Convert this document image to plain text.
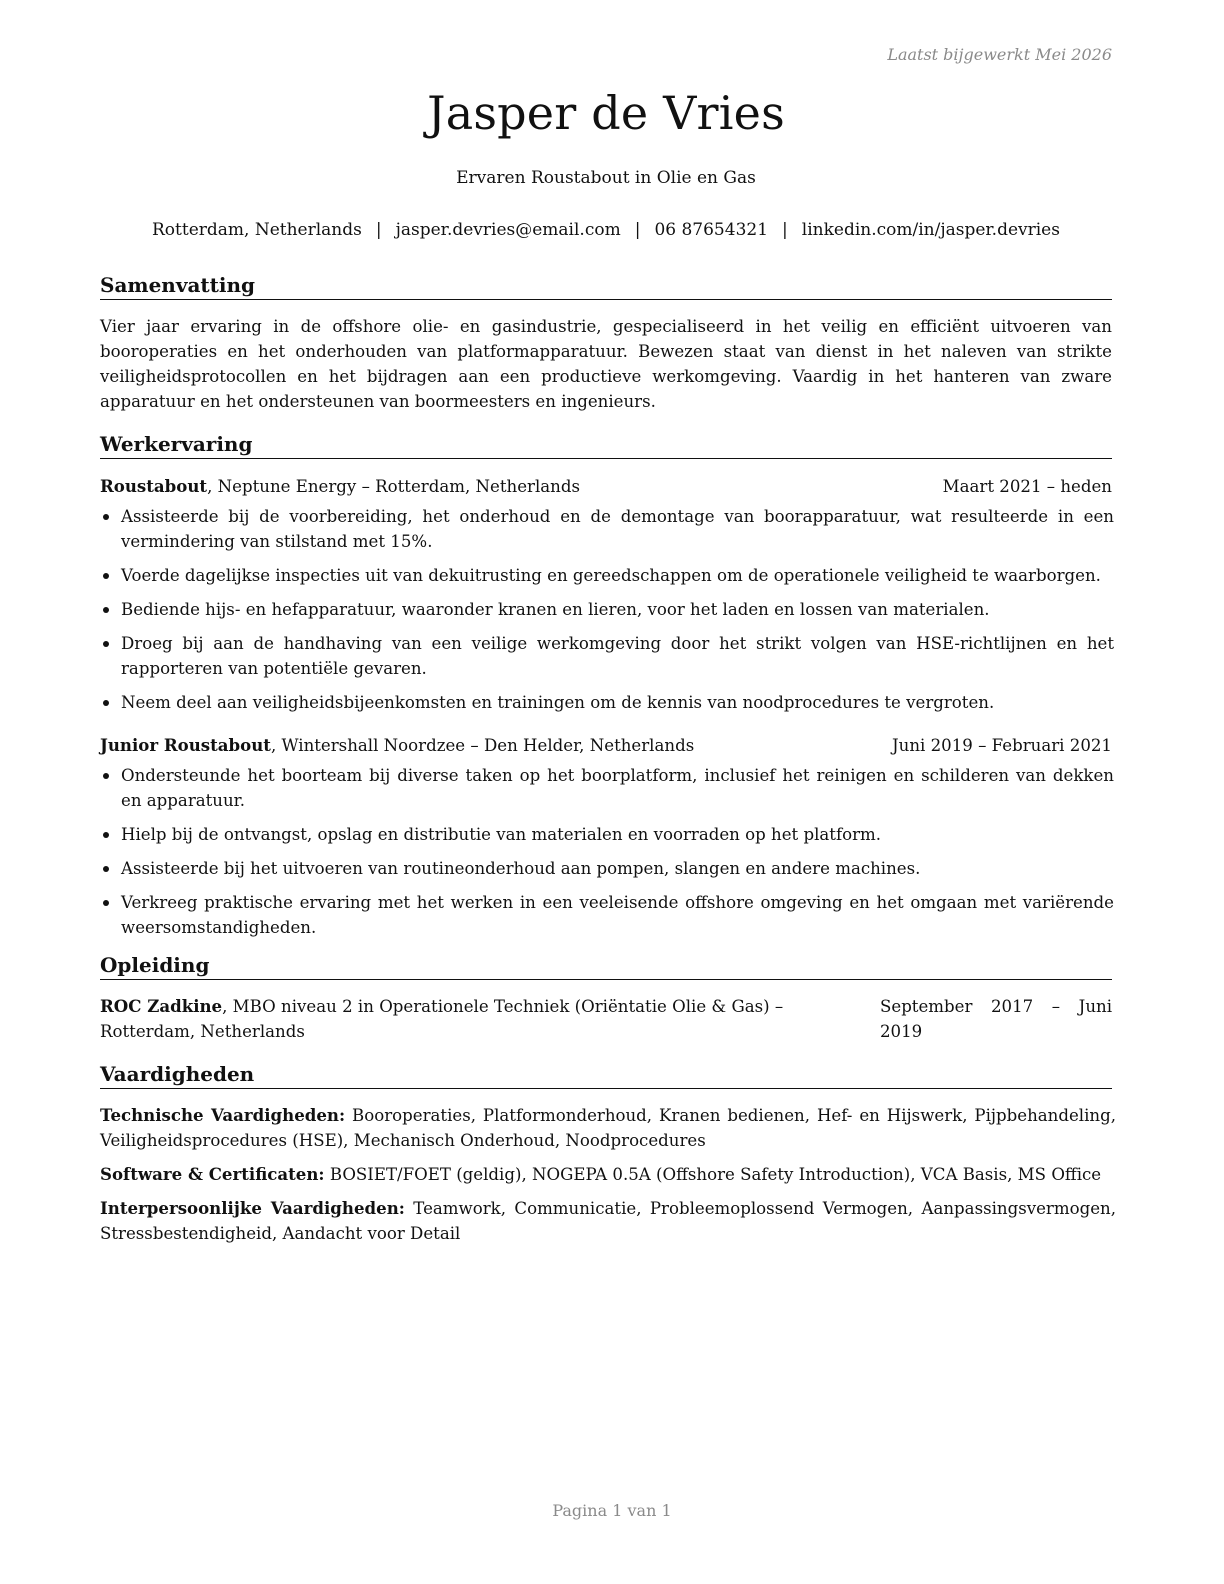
Laatst bijgewerkt Mei 2026
Jasper de Vries
Ervaren Roustabout in Olie en Gas
Rotterdam, Netherlands | jasper.devries@email.com | 06 87654321 | linkedin.com/in/jasper.devries
Samenvatting
Vier jaar ervaring in de offshore olie- en gasindustrie, gespecialiseerd in het veilig en efficiënt uitvoeren van booroperaties en het onderhouden van platformapparatuur. Bewezen staat van dienst in het naleven van strikte veiligheidsprotocollen en het bijdragen aan een productieve werkomgeving. Vaardig in het hanteren van zware apparatuur en het ondersteunen van boormeesters en ingenieurs.
Werkervaring
Roustabout, Neptune Energy – Rotterdam, Netherlands	Maart 2021 – heden
Assisteerde bij de voorbereiding, het onderhoud en de demontage van boorapparatuur, wat resulteerde in een vermindering van stilstand met 15%.
Voerde dagelijkse inspecties uit van dekuitrusting en gereedschappen om de operationele veiligheid te waarborgen.
Bediende hijs- en hefapparatuur, waaronder kranen en lieren, voor het laden en lossen van materialen.
Droeg bij aan de handhaving van een veilige werkomgeving door het strikt volgen van HSE-richtlijnen en het rapporteren van potentiële gevaren.
Neem deel aan veiligheidsbijeenkomsten en trainingen om de kennis van noodprocedures te vergroten.
Junior Roustabout, Wintershall Noordzee – Den Helder, Netherlands	Juni 2019 – Februari 2021
Ondersteunde het boorteam bij diverse taken op het boorplatform, inclusief het reinigen en schilderen van dekken en apparatuur.
Hielp bij de ontvangst, opslag en distributie van materialen en voorraden op het platform.
Assisteerde bij het uitvoeren van routineonderhoud aan pompen, slangen en andere machines.
Verkreeg praktische ervaring met het werken in een veeleisende offshore omgeving en het omgaan met variërende weersomstandigheden.
Opleiding
ROC Zadkine, MBO niveau 2 in Operationele Techniek (Oriëntatie Olie & Gas) – Rotterdam, Netherlands
September 2017 – Juni 2019
Vaardigheden
Technische Vaardigheden: Booroperaties, Platformonderhoud, Kranen bedienen, Hef- en Hijswerk, Pijpbehandeling, Veiligheidsprocedures (HSE), Mechanisch Onderhoud, Noodprocedures
Software & Certificaten: BOSIET/FOET (geldig), NOGEPA 0.5A (Offshore Safety Introduction), VCA Basis, MS Office
Interpersoonlijke Vaardigheden: Teamwork, Communicatie, Probleemoplossend Vermogen, Aanpassingsvermogen, Stressbestendigheid, Aandacht voor Detail
Pagina 1 van 1
